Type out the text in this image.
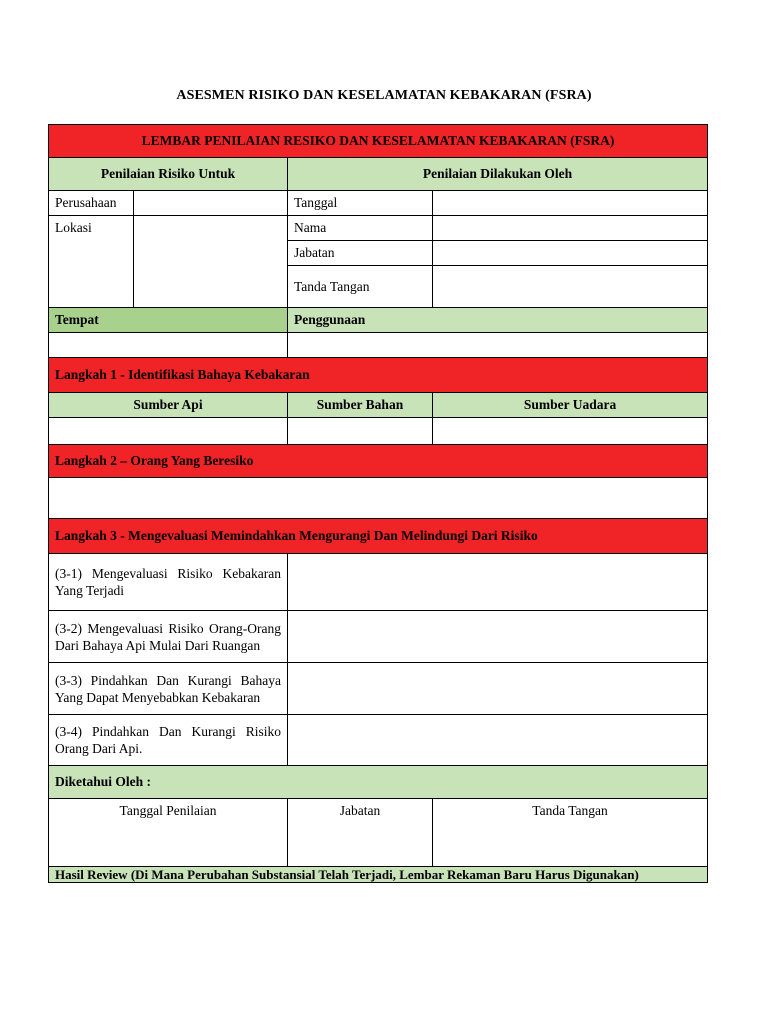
ASESMEN RISIKO DAN KESELAMATAN KEBAKARAN (FSRA)
LEMBAR PENILAIAN RESIKO DAN KESELAMATAN KEBAKARAN (FSRA)			
Penilaian Risiko Untuk		Penilaian Dilakukan Oleh	
Perusahaan		Tanggal	
Lokasi		Nama	
		Jabatan	
		Tanda Tangan	
Tempat		Penggunaan	

Langkah 1 - Identifikasi Bahaya Kebakaran			
Sumber Api		Sumber Bahan	Sumber Uadara

Langkah 2 – Orang Yang Beresiko			

Langkah 3 - Mengevaluasi Memindahkan Mengurangi Dan Melindungi Dari Risiko			
(3-1) Mengevaluasi Risiko Kebakaran Yang Terjadi			
(3-2) Mengevaluasi Risiko Orang-Orang Dari Bahaya Api Mulai Dari Ruangan			
(3-3) Pindahkan Dan Kurangi Bahaya Yang Dapat Menyebabkan Kebakaran			
(3-4) Pindahkan Dan Kurangi Risiko Orang Dari Api.			
Diketahui Oleh :			
Tanggal Penilaian		Jabatan	Tanda Tangan
Hasil Review (Di Mana Perubahan Substansial Telah Terjadi, Lembar Rekaman Baru Harus Digunakan)			
